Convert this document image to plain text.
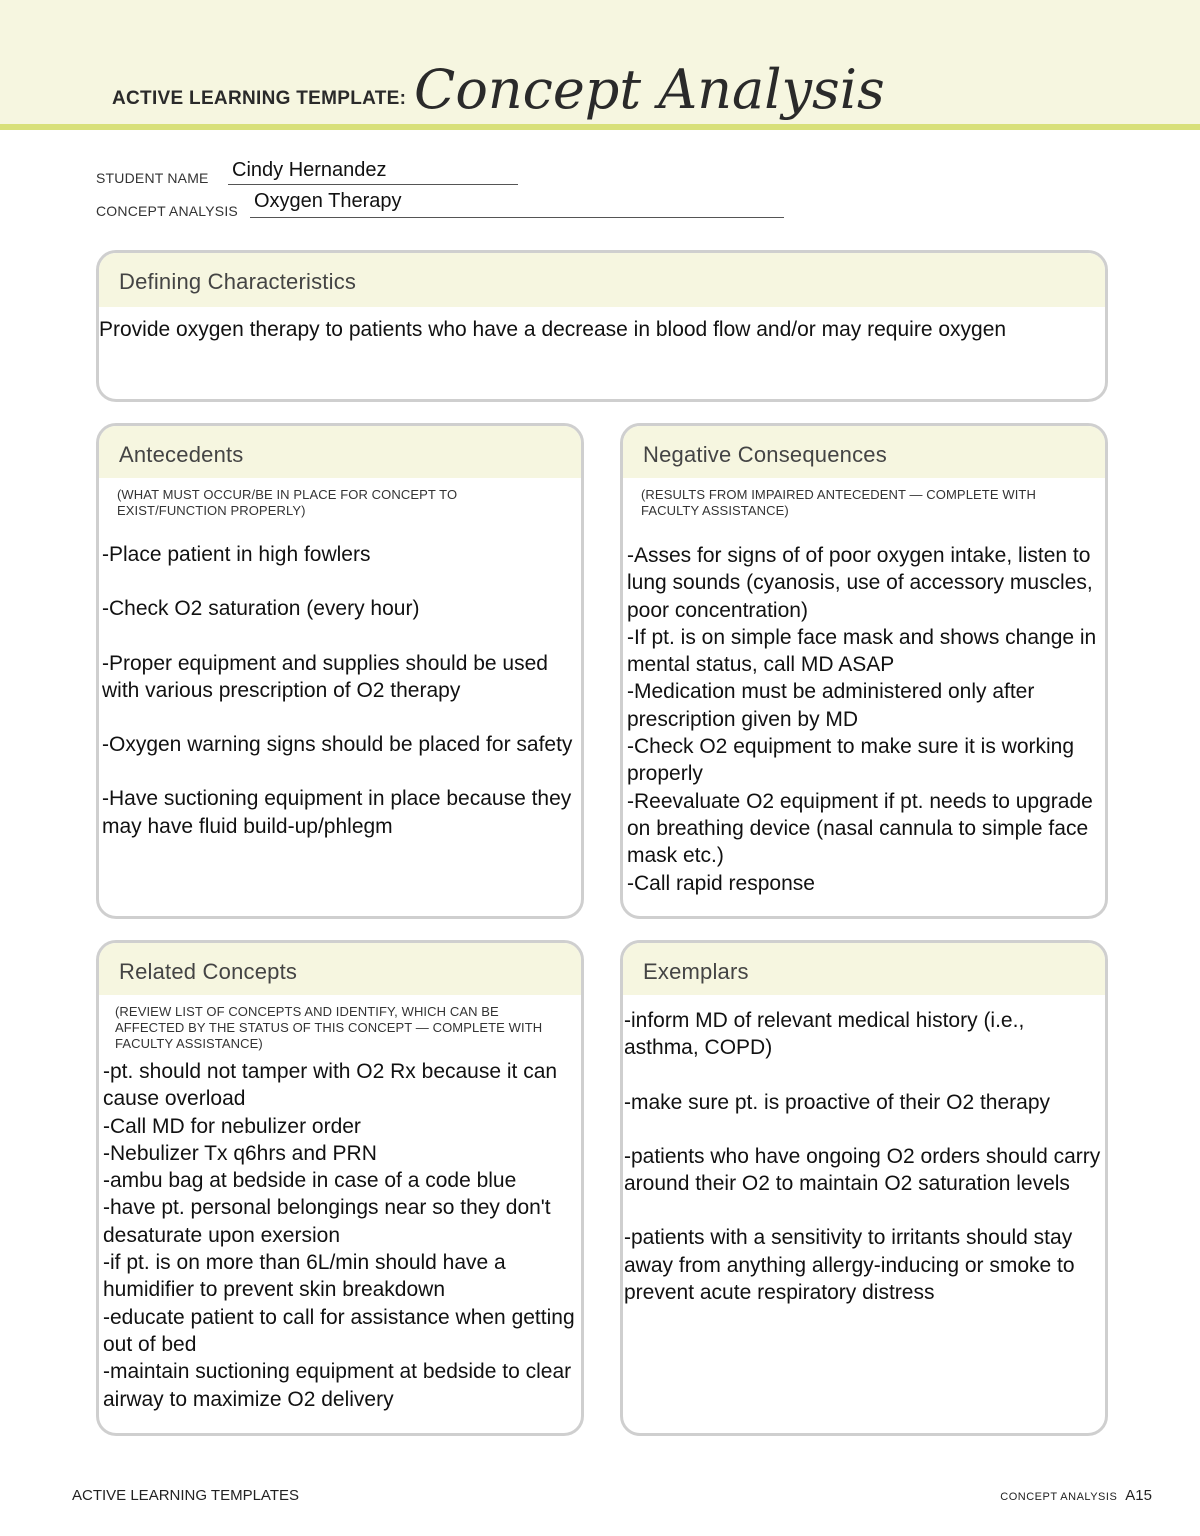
ACTIVE LEARNING TEMPLATE: Concept Analysis
STUDENT NAME Cindy Hernandez
CONCEPT ANALYSIS Oxygen Therapy
Defining Characteristics
Provide oxygen therapy to patients who have a decrease in blood flow and/or may require oxygen
Antecedents
(WHAT MUST OCCUR/BE IN PLACE FOR CONCEPT TO EXIST/FUNCTION PROPERLY)

-Place patient in high fowlers

-Check O2 saturation (every hour)

-Proper equipment and supplies should be used with various prescription of O2 therapy

-Oxygen warning signs should be placed for safety

-Have suctioning equipment in place because they may have fluid build-up/phlegm

Negative Consequences
(RESULTS FROM IMPAIRED ANTECEDENT — COMPLETE WITH FACULTY ASSISTANCE)

-Asses for signs of of poor oxygen intake, listen to lung sounds (cyanosis, use of accessory muscles, poor concentration)

-If pt. is on simple face mask and shows change in mental status, call MD ASAP

-Medication must be administered only after prescription given by MD

-Check O2 equipment to make sure it is working properly

-Reevaluate O2 equipment if pt. needs to upgrade on breathing device (nasal cannula to simple face mask etc.)

-Call rapid response

Related Concepts
(REVIEW LIST OF CONCEPTS AND IDENTIFY, WHICH CAN BE AFFECTED BY THE STATUS OF THIS CONCEPT — COMPLETE WITH FACULTY ASSISTANCE)

-pt. should not tamper with O2 Rx because it can cause overload

-Call MD for nebulizer order

-Nebulizer Tx q6hrs and PRN

-ambu bag at bedside in case of a code blue

-have pt. personal belongings near so they don't desaturate upon exersion

-if pt. is on more than 6L/min should have a humidifier to prevent skin breakdown

-educate patient to call for assistance when getting out of bed

-maintain suctioning equipment at bedside to clear airway to maximize O2 delivery

Exemplars

-inform MD of relevant medical history (i.e., asthma, COPD)

-make sure pt. is proactive of their O2 therapy

-patients who have ongoing O2 orders should carry around their O2 to maintain O2 saturation levels

-patients with a sensitivity to irritants should stay away from anything allergy-inducing or smoke to prevent acute respiratory distress

ACTIVE LEARNING TEMPLATES	CONCEPT ANALYSIS A15
